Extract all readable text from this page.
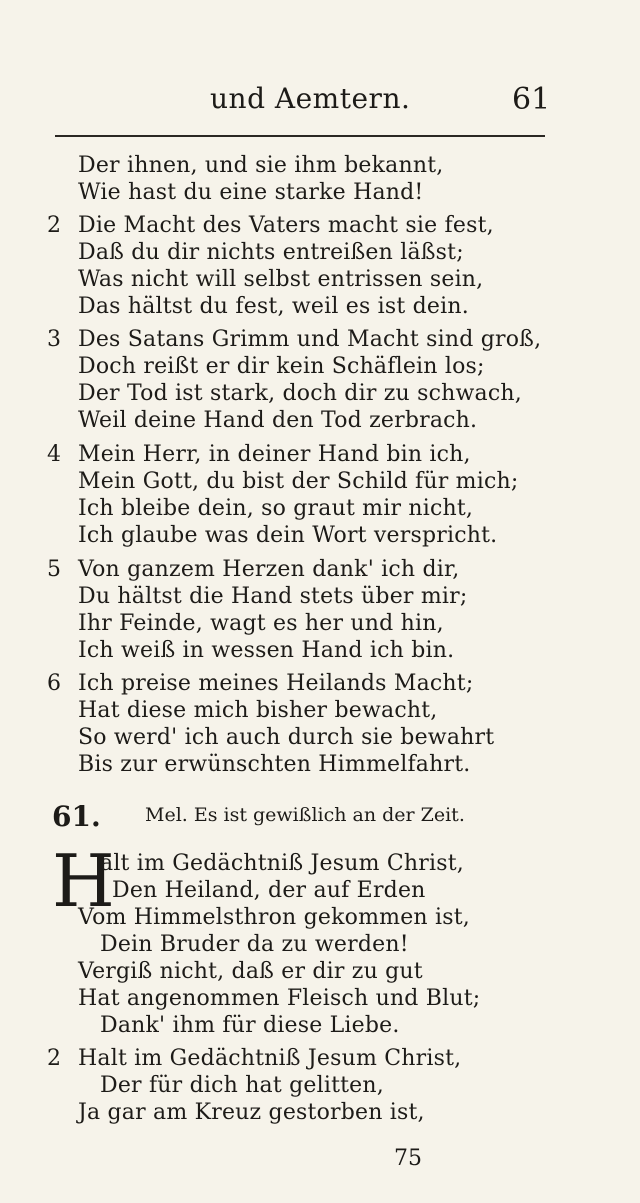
und Aemtern.	61
Der ihnen, und sie ihm bekannt,
Wie hast du eine starke Hand!
2 Die Macht des Vaters macht sie fest,
Daß du dir nichts entreißen läßst;
Was nicht will selbst entrissen sein,
Das hältst du fest, weil es ist dein.
3 Des Satans Grimm und Macht sind groß,
Doch reißt er dir kein Schäflein los;
Der Tod ist stark, doch dir zu schwach,
Weil deine Hand den Tod zerbrach.
4 Mein Herr, in deiner Hand bin ich,
Mein Gott, du bist der Schild für mich;
Ich bleibe dein, so graut mir nicht,
Ich glaube was dein Wort verspricht.
5 Von ganzem Herzen dank' ich dir,
Du hältst die Hand stets über mir;
Ihr Feinde, wagt es her und hin,
Ich weiß in wessen Hand ich bin.
6 Ich preise meines Heilands Macht;
Hat diese mich bisher bewacht,
So werd' ich auch durch sie bewahrt
Bis zur erwünschten Himmelfahrt.
61. Mel. Es ist gewißlich an der Zeit.
H
alt im Gedächtniß Jesum Christ,
Den Heiland, der auf Erden
Vom Himmelsthron gekommen ist,
Dein Bruder da zu werden!
Vergiß nicht, daß er dir zu gut
Hat angenommen Fleisch und Blut;
Dank' ihm für diese Liebe.
2 Halt im Gedächtniß Jesum Christ,
Der für dich hat gelitten,
Ja gar am Kreuz gestorben ist,
75
